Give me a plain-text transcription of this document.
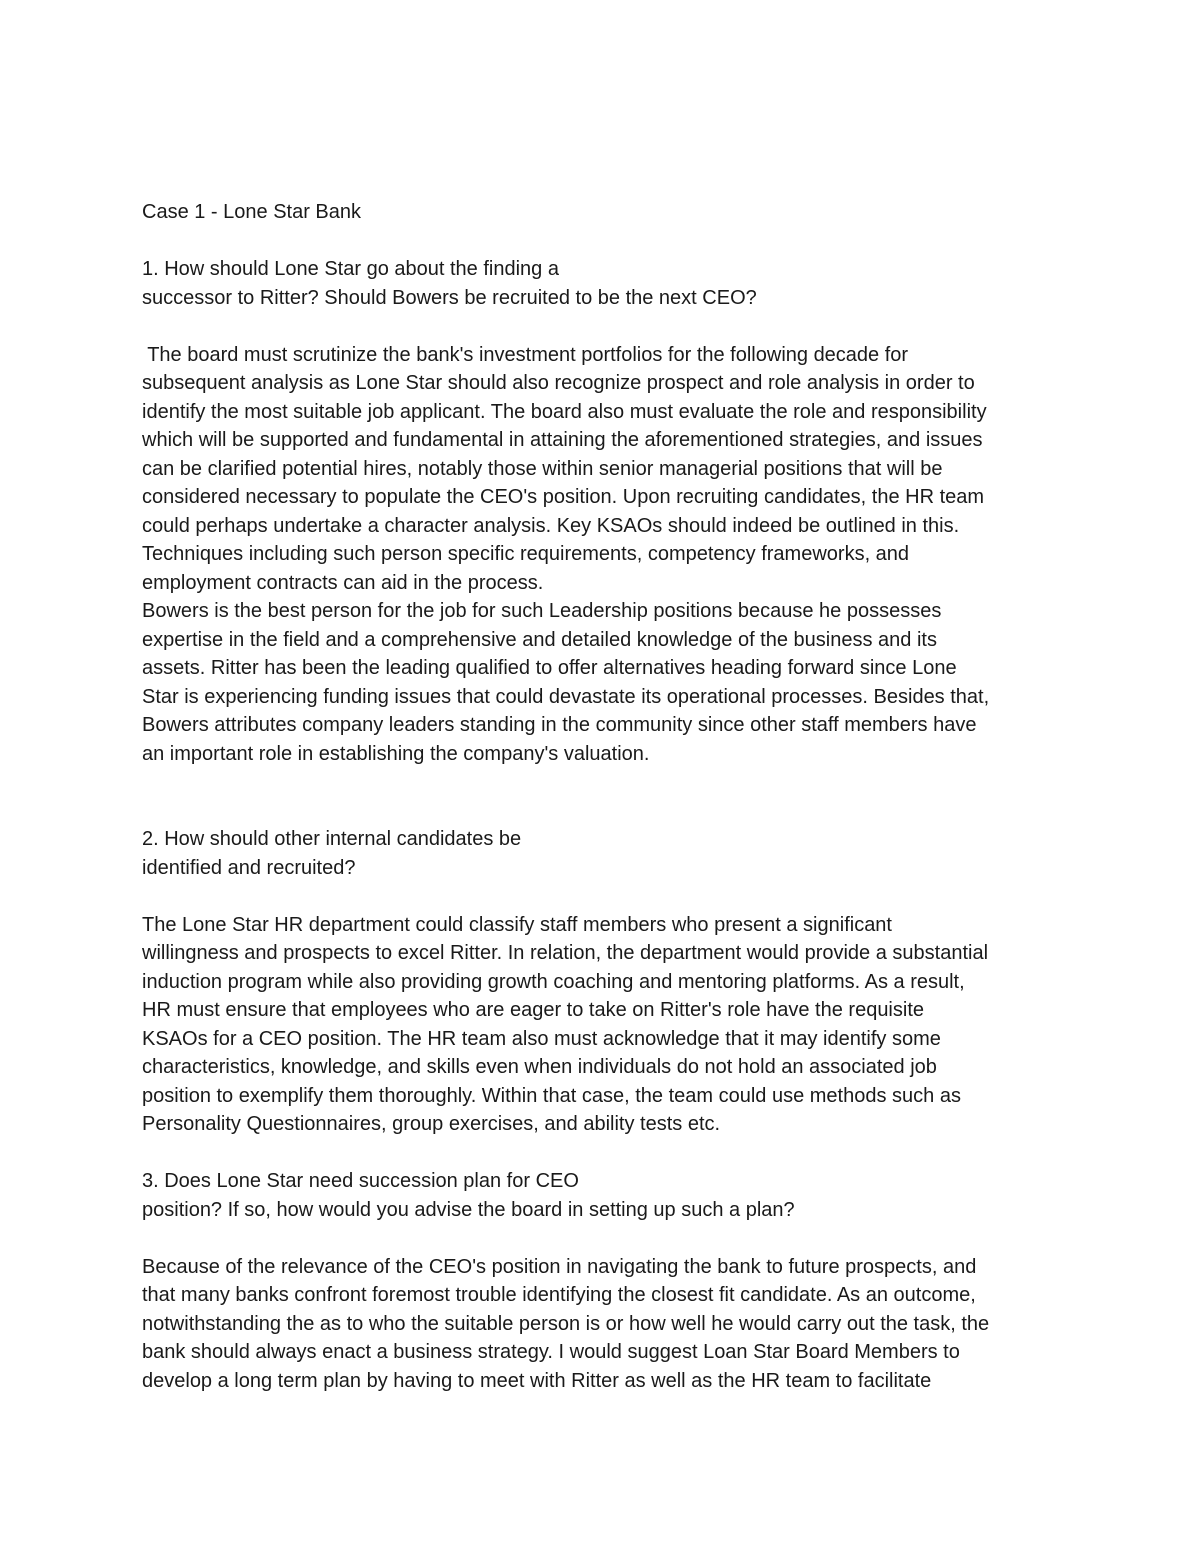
Case 1 - Lone Star Bank
1. How should Lone Star go about the finding a
successor to Ritter? Should Bowers be recruited to be the next CEO?
The board must scrutinize the bank's investment portfolios for the following decade for
subsequent analysis as Lone Star should also recognize prospect and role analysis in order to
identify the most suitable job applicant. The board also must evaluate the role and responsibility
which will be supported and fundamental in attaining the aforementioned strategies, and issues
can be clarified potential hires, notably those within senior managerial positions that will be
considered necessary to populate the CEO's position. Upon recruiting candidates, the HR team
could perhaps undertake a character analysis. Key KSAOs should indeed be outlined in this.
Techniques including such person specific requirements, competency frameworks, and
employment contracts can aid in the process.
Bowers is the best person for the job for such Leadership positions because he possesses
expertise in the field and a comprehensive and detailed knowledge of the business and its
assets. Ritter has been the leading qualified to offer alternatives heading forward since Lone
Star is experiencing funding issues that could devastate its operational processes. Besides that,
Bowers attributes company leaders standing in the community since other staff members have
an important role in establishing the company's valuation.
2. How should other internal candidates be
identified and recruited?
The Lone Star HR department could classify staff members who present a significant
willingness and prospects to excel Ritter. In relation, the department would provide a substantial
induction program while also providing growth coaching and mentoring platforms. As a result,
HR must ensure that employees who are eager to take on Ritter's role have the requisite
KSAOs for a CEO position. The HR team also must acknowledge that it may identify some
characteristics, knowledge, and skills even when individuals do not hold an associated job
position to exemplify them thoroughly. Within that case, the team could use methods such as
Personality Questionnaires, group exercises, and ability tests etc.
3. Does Lone Star need succession plan for CEO
position? If so, how would you advise the board in setting up such a plan?
Because of the relevance of the CEO's position in navigating the bank to future prospects, and
that many banks confront foremost trouble identifying the closest fit candidate. As an outcome,
notwithstanding the as to who the suitable person is or how well he would carry out the task, the
bank should always enact a business strategy. I would suggest Loan Star Board Members to
develop a long term plan by having to meet with Ritter as well as the HR team to facilitate
